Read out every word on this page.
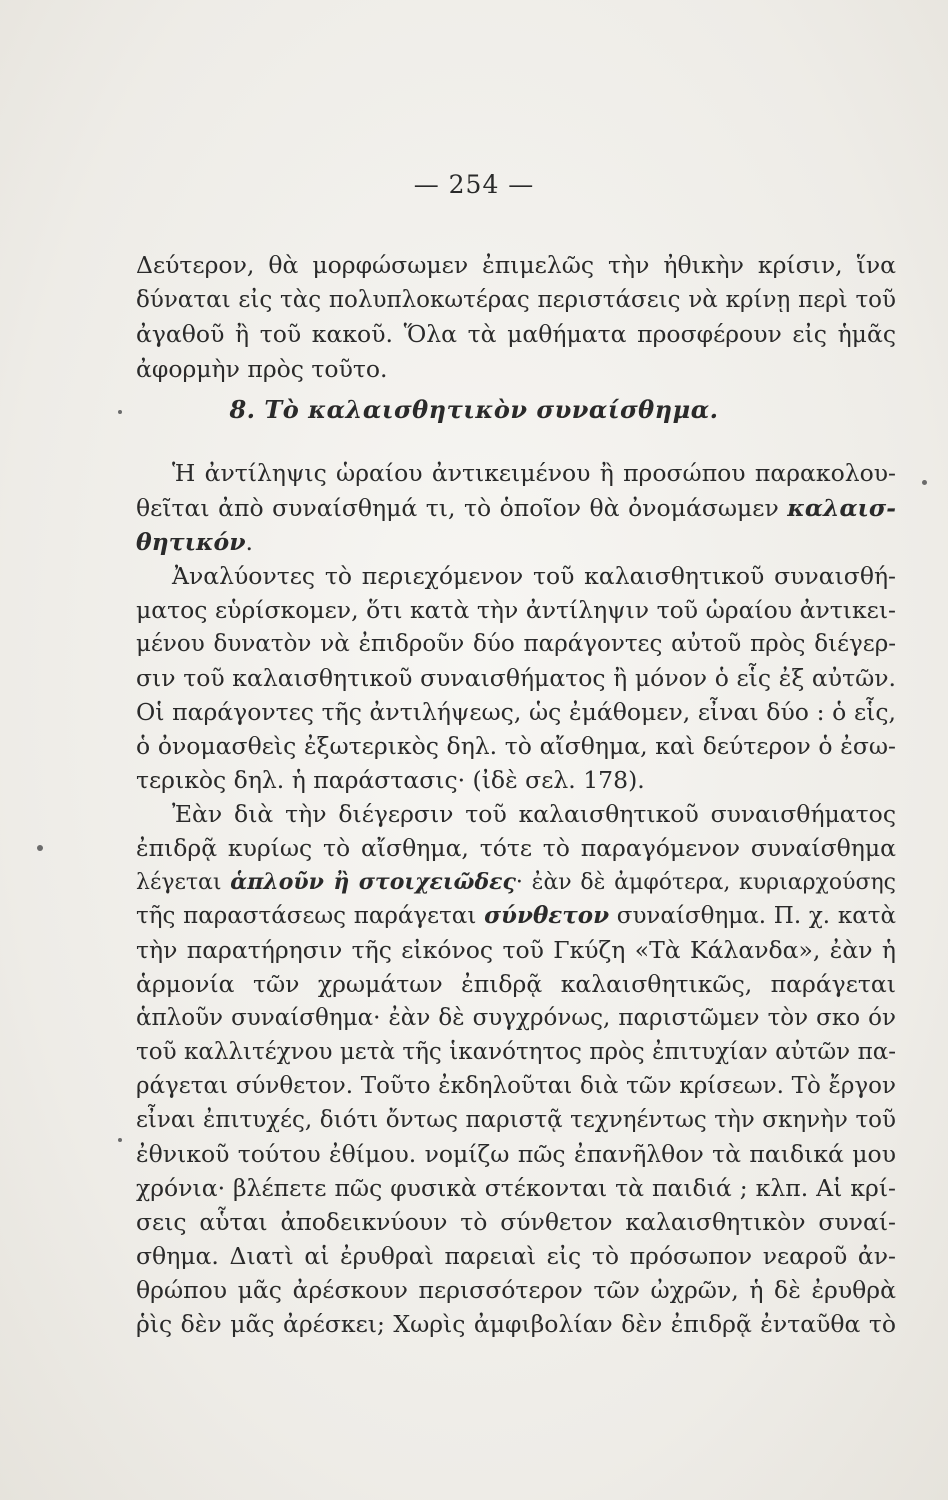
— 254 —
Δεύτερον, θὰ μορφώσωμεν ἐπιμελῶς τὴν ἠθικὴν κρίσιν, ἵνα
δύναται εἰς τὰς πολυπλοκωτέρας περιστάσεις νὰ κρίνῃ περὶ τοῦ
ἀγαθοῦ ἢ τοῦ κακοῦ. Ὅλα τὰ μαθήματα προσφέρουν εἰς ἡμᾶς
ἀφορμὴν πρὸς τοῦτο.
8. Τὸ καλαισθητικὸν συναίσθημα.
Ἡ ἀντίληψις ὡραίου ἀντικειμένου ἢ προσώπου παρακολου-
θεῖται ἀπὸ συναίσθημά τι, τὸ ὁποῖον θὰ ὀνομάσωμεν καλαισ-
θητικόν.
Ἀναλύοντες τὸ περιεχόμενον τοῦ καλαισθητικοῦ συναισθή-
ματος εὑρίσκομεν, ὅτι κατὰ τὴν ἀντίληψιν τοῦ ὡραίου ἀντικει-
μένου δυνατὸν νὰ ἐπιδροῦν δύο παράγοντες αὐτοῦ πρὸς διέγερ-
σιν τοῦ καλαισθητικοῦ συναισθήματος ἢ μόνον ὁ εἷς ἐξ αὐτῶν.
Οἱ παράγοντες τῆς ἀντιλήψεως, ὡς ἐμάθομεν, εἶναι δύο : ὁ εἷς,
ὁ ὀνομασθεὶς ἐξωτερικὸς δηλ. τὸ αἴσθημα, καὶ δεύτερον ὁ ἐσω-
τερικὸς δηλ. ἡ παράστασις· (ἰδὲ σελ. 178).
Ἐὰν διὰ τὴν διέγερσιν τοῦ καλαισθητικοῦ συναισθήματος
ἐπιδρᾷ κυρίως τὸ αἴσθημα, τότε τὸ παραγόμενον συναίσθημα
λέγεται ἁπλοῦν ἢ στοιχειῶδες· ἐὰν δὲ ἀμφότερα, κυριαρχούσης
τῆς παραστάσεως παράγεται σύνθετον συναίσθημα. Π. χ. κατὰ
τὴν παρατήρησιν τῆς εἰκόνος τοῦ Γκύζη «Τὰ Κάλανδα», ἐὰν ἡ
ἁρμονία τῶν χρωμάτων ἐπιδρᾷ καλαισθητικῶς, παράγεται
ἁπλοῦν συναίσθημα· ἐὰν δὲ συγχρόνως, παριστῶμεν τὸν σκο όν
τοῦ καλλιτέχνου μετὰ τῆς ἱκανότητος πρὸς ἐπιτυχίαν αὐτῶν πα-
ράγεται σύνθετον. Τοῦτο ἐκδηλοῦται διὰ τῶν κρίσεων. Τὸ ἔργον
εἶναι ἐπιτυχές, διότι ὄντως παριστᾷ τεχνηέντως τὴν σκηνὴν τοῦ
ἐθνικοῦ τούτου ἐθίμου. νομίζω πῶς ἐπανῆλθον τὰ παιδικά μου
χρόνια· βλέπετε πῶς φυσικὰ στέκονται τὰ παιδιά ; κλπ. Αἱ κρί-
σεις αὗται ἀποδεικνύουν τὸ σύνθετον καλαισθητικὸν συναί-
σθημα. Διατὶ αἱ ἐρυθραὶ παρειαὶ εἰς τὸ πρόσωπον νεαροῦ ἀν-
θρώπου μᾶς ἀρέσκουν περισσότερον τῶν ὠχρῶν, ἡ δὲ ἐρυθρὰ
ῥὶς δὲν μᾶς ἀρέσκει; Χωρὶς ἀμφιβολίαν δὲν ἐπιδρᾷ ἐνταῦθα τὸ
